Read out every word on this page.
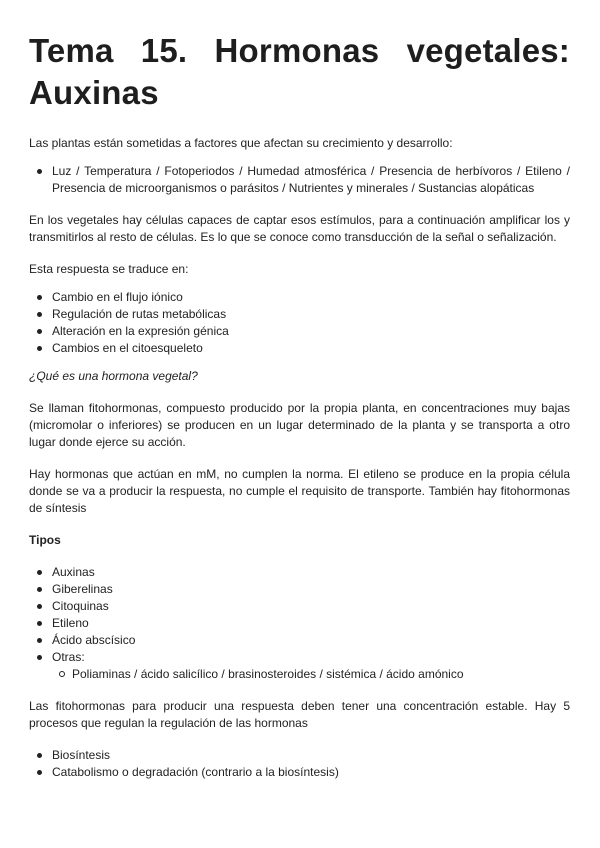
Tema 15. Hormonas vegetales:
Auxinas

Las plantas están sometidas a factores que afectan su crecimiento y desarrollo:

Luz / Temperatura / Fotoperiodos / Humedad atmosférica / Presencia de herbívoros / Etileno / Presencia de microorganismos o parásitos / Nutrientes y minerales / Sustancias alopáticas

En los vegetales hay células capaces de captar esos estímulos, para a continuación amplificar los y transmitirlos al resto de células. Es lo que se conoce como transducción de la señal o señalización.

Esta respuesta se traduce en:

Cambio en el flujo iónico
Regulación de rutas metabólicas
Alteración en la expresión génica
Cambios en el citoesqueleto

¿Qué es una hormona vegetal?

Se llaman fitohormonas, compuesto producido por la propia planta, en concentraciones muy bajas (micromolar o inferiores) se producen en un lugar determinado de la planta y se transporta a otro lugar donde ejerce su acción.

Hay hormonas que actúan en mM, no cumplen la norma. El etileno se produce en la propia célula donde se va a producir la respuesta, no cumple el requisito de transporte. También hay fitohormonas de síntesis

Tipos

Auxinas
Giberelinas
Citoquinas
Etileno
Ácido abscísico
Otras:
Poliaminas / ácido salicílico / brasinosteroides / sistémica / ácido amónico

Las fitohormonas para producir una respuesta deben tener una concentración estable. Hay 5 procesos que regulan la regulación de las hormonas

Biosíntesis
Catabolismo o degradación (contrario a la biosíntesis)
